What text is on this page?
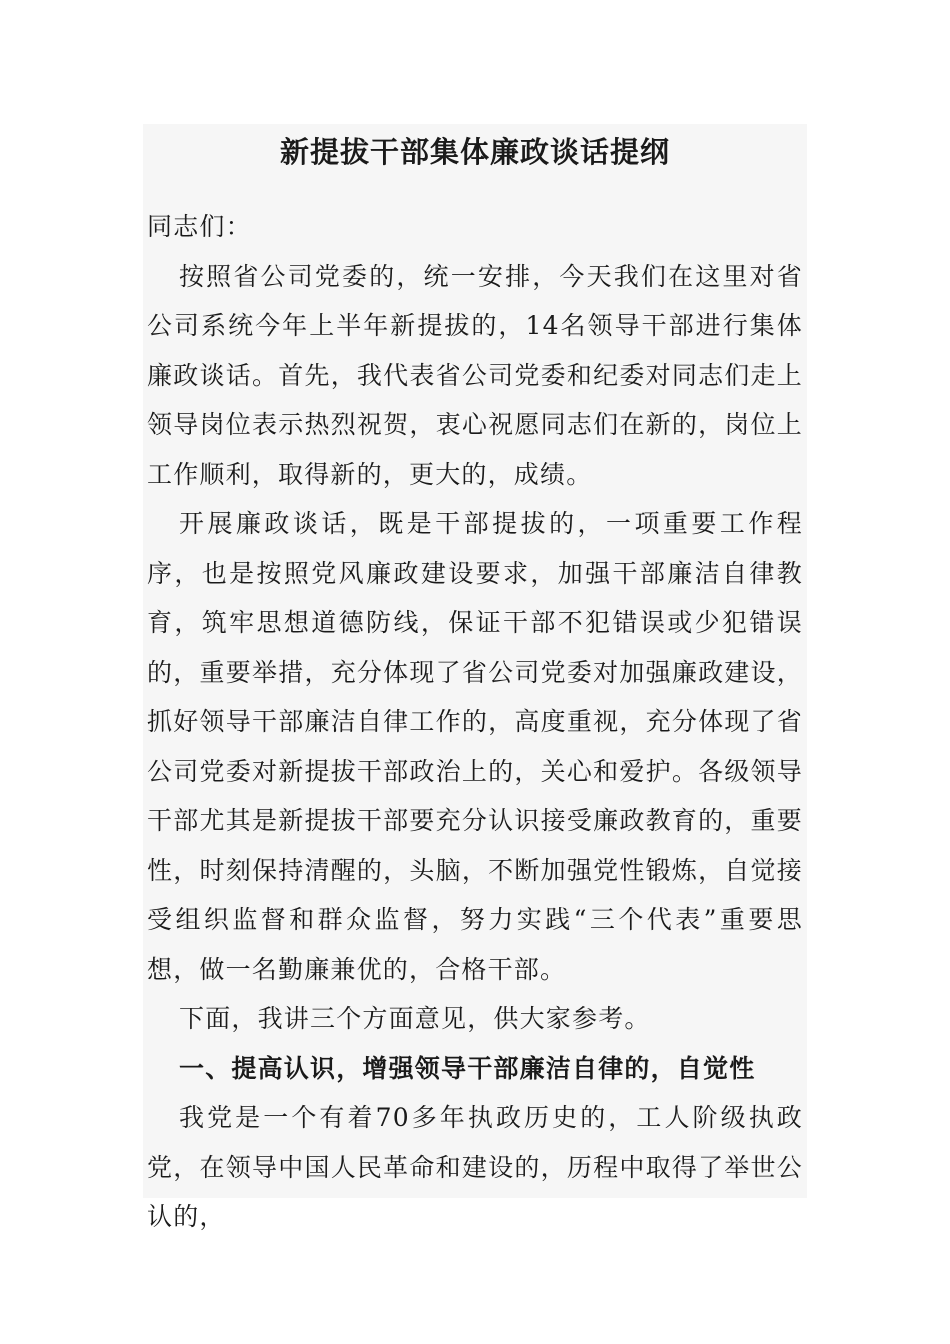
新提拔干部集体廉政谈话提纲

同志们：

按照省公司党委的，统一安排，今天我们在这里对省公司系统今年上半年新提拔的，14名领导干部进行集体廉政谈话。首先，我代表省公司党委和纪委对同志们走上领导岗位表示热烈祝贺，衷心祝愿同志们在新的，岗位上工作顺利，取得新的，更大的，成绩。

开展廉政谈话，既是干部提拔的，一项重要工作程序，也是按照党风廉政建设要求，加强干部廉洁自律教育，筑牢思想道德防线，保证干部不犯错误或少犯错误的，重要举措，充分体现了省公司党委对加强廉政建设，抓好领导干部廉洁自律工作的，高度重视，充分体现了省公司党委对新提拔干部政治上的，关心和爱护。各级领导干部尤其是新提拔干部要充分认识接受廉政教育的，重要性，时刻保持清醒的，头脑，不断加强党性锻炼，自觉接受组织监督和群众监督，努力实践“三个代表”重要思想，做一名勤廉兼优的，合格干部。

下面，我讲三个方面意见，供大家参考。

一、提高认识，增强领导干部廉洁自律的，自觉性

我党是一个有着70多年执政历史的，工人阶级执政党，在领导中国人民革命和建设的，历程中取得了举世公认的，
